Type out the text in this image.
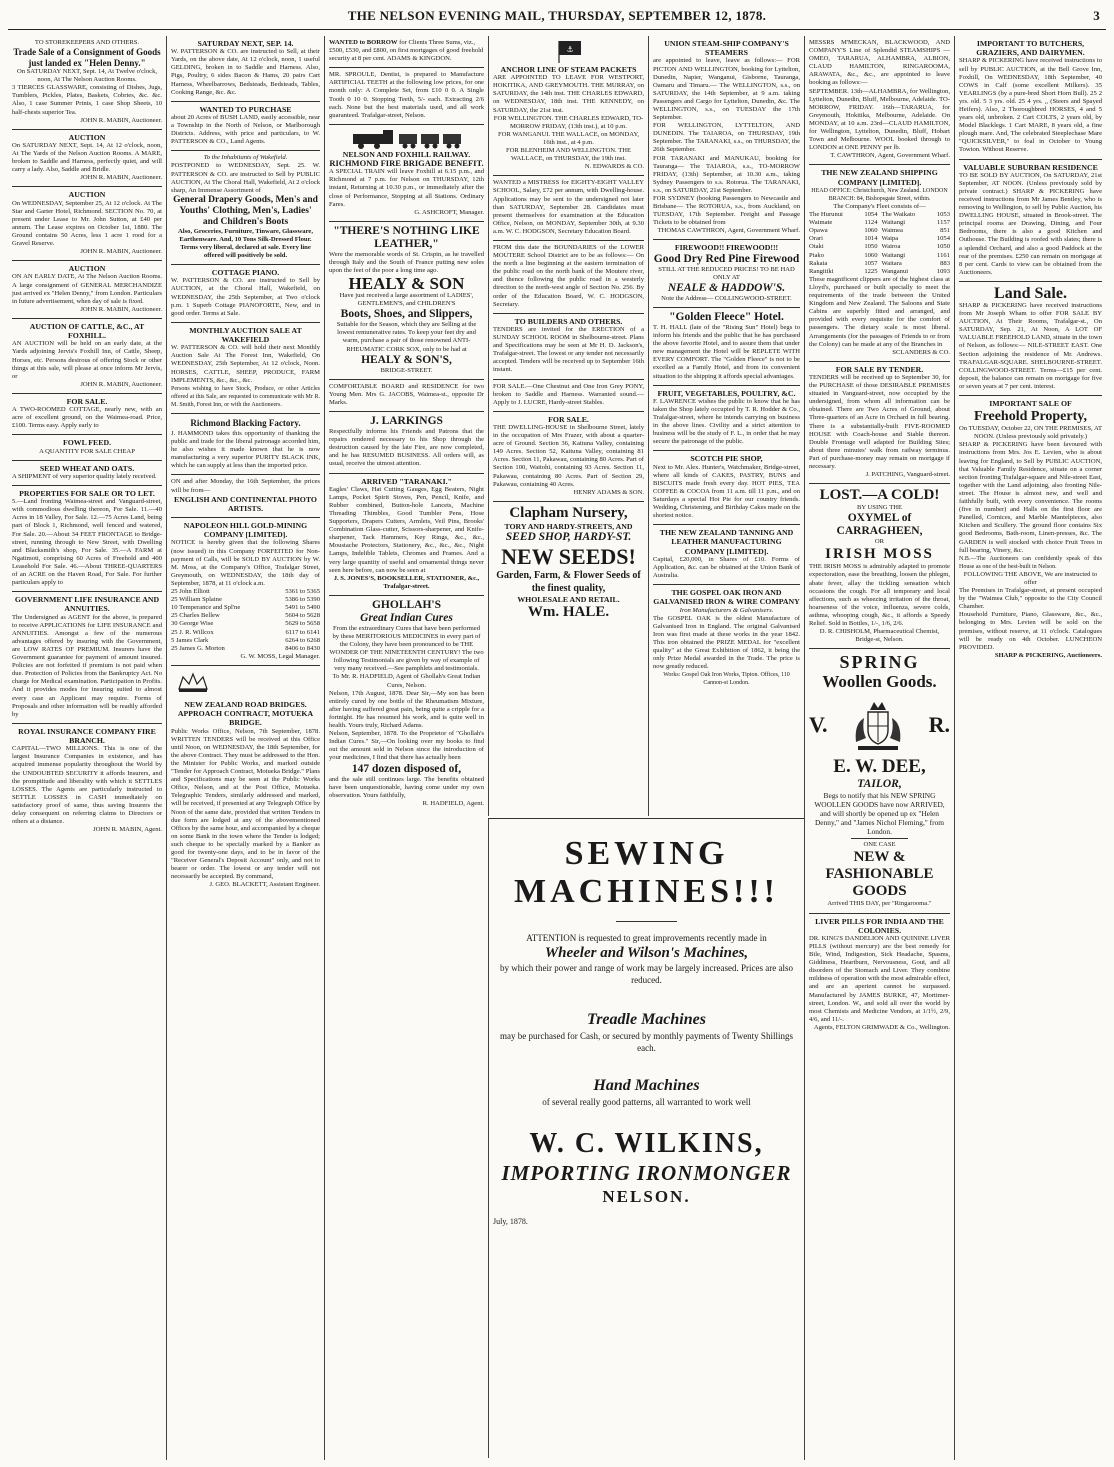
THE NELSON EVENING MAIL, THURSDAY, SEPTEMBER 12, 1878.	3
TO STOREKEEPERS AND OTHERS.
Trade Sale of a Consignment of Goods just landed ex "Helen Denny."
On SATURDAY NEXT, Sept. 14, At Twelve o'clock, noon, At The Nelson Auction Rooms.
3 TIERCES GLASSWARE, consisting of Dishes, Jugs, Tumblers, Pickles, Plates, Baskets, Cobries, &c. &c. Also, 1 case Summer Prints, 1 case Shop Sheets, 10 half-chests superior Tea.
JOHN R. MABIN, Auctioneer.
AUCTION
On SATURDAY NEXT, Sept. 14, At 12 o'clock, noon, At The Yards of the Nelson Auction Rooms. A MARE, broken to Saddle and Harness, perfectly quiet, and will carry a lady. Also, Saddle and Bridle.
JOHN R. MABIN, Auctioneer.
AUCTION
On WEDNESDAY, September 25, At 12 o'clock. At The Star and Garter Hotel, Richmond. SECTION No. 70, at present under Lease to Mr. John Sutton, at £40 per annum. The Lease expires on October 1st, 1880. The Ground contains 50 Acres, less 1 acre 1 rood for a Gravel Reserve.
JOHN R. MABIN, Auctioneer.
AUCTION
ON AN EARLY DATE, At The Nelson Auction Rooms. A large consignment of GENERAL MERCHANDIZE just arrived ex "Helen Denny," from London. Particulars in future advertisement, when day of sale is fixed.
JOHN R. MABIN, Auctioneer.
AUCTION OF CATTLE, &C., AT FOXHILL.
AN AUCTION will be held on an early date, at the Yards adjoining Jervis's Foxhill Inn, of Cattle, Sheep, Horses, etc. Persons desirous of offering Stock or other things at this sale, will please at once inform Mr Jervis, or
JOHN R. MABIN, Auctioneer.
FOR SALE.
A TWO-ROOMED COTTAGE, nearly new, with an acre of excellent ground, on the Waimea-road. Price, £100. Terms easy. Apply early to
FOWL FEED.
A QUANTITY FOR SALE CHEAP
SEED WHEAT AND OATS.
A SHIPMENT of very superior quality lately received.
PROPERTIES FOR SALE OR TO LET.
5.—Land fronting Waimea-street and Vanguard-street, with commodious dwelling thereon, For Sale. 11.—40 Acres in 18 Valley, For Sale. 12.—75 Acres Land, being part of Block 1, Richmond, well fenced and watered, For Sale. 20.—About 34 FEET FRONTAGE to Bridge-street, running through to New Street, with Dwelling and Blacksmith's shop, For Sale. 35.—A FARM at Ngatimoti, comprising 60 Acres of Freehold and 400 Leasehold For Sale. 46.—About THREE-QUARTERS of an ACRE on the Haven Road, For Sale. For further particulars apply to
GOVERNMENT LIFE INSURANCE AND ANNUITIES.
The Undersigned as AGENT for the above, is prepared to receive APPLICATIONS for LIFE INSURANCE and ANNUITIES. Amongst a few of the numerous advantages offered by insuring with the Government, are LOW RATES OF PREMIUM. Insurers have the Government guarantee for payment of amount insured. Policies are not forfeited if premium is not paid when due. Protection of Policies from the Bankruptcy Act. No charge for Medical examination. Participation in Profits. And it provides modes for insuring suited to almost every case an Applicant may require. Forms of Proposals and other information will be readily afforded by
ROYAL INSURANCE COMPANY FIRE BRANCH.
CAPITAL—TWO MILLIONS. This is one of the largest Insurance Companies in existence, and has acquired immense popularity throughout the World by the UNDOUBTED SECURITY it affords Insurers, and the promptitude and liberality with which it SETTLES LOSSES. The Agents are particularly instructed to SETTLE LOSSES in CASH immediately on satisfactory proof of same, thus saving Insurers the delay consequent on referring claims to Directors or others at a distance.
JOHN R. MABIN, Agent.
SATURDAY NEXT, SEP. 14.
W. PATTERSON & CO. are instructed to Sell, at their Yards, on the above date, At 12 o'clock, noon, 1 useful GELDING, broken in to Saddle and Harness. Also, Pigs, Poultry, 6 sides Bacon & Hams, 20 pairs Cart Harness, Wheelbarrows, Bedsteads, Bedsteads, Tables, Cooking Range, &c. &c.
WANTED TO PURCHASE
about 20 Acres of BUSH LAND, easily accessible, near a Township in the North of Nelson, or Marlborough Districts. Address, with price and particulars, to W. PATTERSON & CO., Land Agents.
To the Inhabitants of Wakefield.
POSTPONED to WEDNESDAY, Sept. 25. W. PATTERSON & CO. are instructed to Sell by PUBLIC AUCTION, At The Choral Hall, Wakefield, At 2 o'clock sharp, An Immense Assortment of
General Drapery Goods, Men's and Youths' Clothing, Men's, Ladies' and Children's Boots
Also, Groceries, Furniture, Tinware, Glassware, Earthenware. And, 10 Tons Silk-Dressed Flour. Terms very liberal, declared at sale. Every line offered will positively be sold.
COTTAGE PIANO.
W. PATTERSON & CO. are instructed to Sell by AUCTION, at the Choral Hall, Wakefield, on WEDNESDAY, the 25th September, at Two o'clock p.m. 1 Superb Cottage PIANOFORTE, New, and in good order. Terms at Sale.
MONTHLY AUCTION SALE AT WAKEFIELD
W. PATTERSON & CO. will hold their next Monthly Auction Sale At The Forest Inn, Wakefield, On WEDNESDAY, 25th September, At 12 o'clock, Noon. HORSES, CATTLE, SHEEP, PRODUCE, FARM IMPLEMENTS, &c., &c., &c.
Persons wishing to have Stock, Produce, or other Articles offered at this Sale, are requested to communicate with Mr R. M. Smith, Forest Inn, or with the Auctioneers.
Richmond Blacking Factory.
J. HAMMOND takes this opportunity of thanking the public and trade for the liberal patronage accorded him, he also wishes it made known that he is now manufacturing a very superior PURITY BLACK INK, which he can supply at less than the imported price.
ON and after Monday, the 16th September, the prices will be from—
ENGLISH AND CONTINENTAL PHOTO ARTISTS.
NAPOLEON HILL GOLD-MINING COMPANY [LIMITED].
NOTICE is hereby given that the following Shares (now issued) in this Company FORFEITED for Non-payment of Calls, will be SOLD BY AUCTION by W. M. Moss, at the Company's Office, Trafalgar Street, Greymouth, on WEDNESDAY, the 18th day of September, 1878, at 11 o'clock a.m.
25 John Elliott	5361 to 5365
25 William Splaine	5386 to 5390
10 Temperance and Spl'ne	5491 to 5490
25 Charles Bellew	5604 to 5628
30 George Wise	5629 to 5658
25 J. R. Willcox	6117 to 6141
5 James Clark	6264 to 6268
25 James G. Morton	8406 to 8430
G. W. MOSS, Legal Manager.
NEW ZEALAND ROAD BRIDGES.
APPROACH CONTRACT, MOTUEKA BRIDGE.
Public Works Office, Nelson, 7th September, 1878. WRITTEN TENDERS will be received at this Office until Noon, on WEDNESDAY, the 18th September, for the above Contract. They must be addressed to the Hon. the Minister for Public Works, and marked outside "Tender for Approach Contract, Motueka Bridge." Plans and Specifications may be seen at the Public Works Office, Nelson, and at the Post Office, Motueka. Telegraphic Tenders, similarly addressed and marked, will be received, if presented at any Telegraph Office by Noon of the same date, provided that written Tenders in due form are lodged at any of the abovementioned Offices by the same hour, and accompanied by a cheque on some Bank in the town where the Tender is lodged; such cheque to be specially marked by a Banker as good for twenty-one days, and to be in favor of the "Receiver General's Deposit Account" only, and not to bearer or order. The lowest or any tender will not necessarily be accepted. By command,
J. GEO. BLACKETT, Assistant Engineer.
WANTED to BORROW for Clients Three Sums, viz., £500, £530, and £800, on first mortgages of good freehold security at 8 per cent. ADAMS & KINGDON.
MR. SPROULE, Dentist, is prepared to Manufacture ARTIFICIAL TEETH at the following low prices, for one month only: A Complete Set, from £10 0 0. A Single Tooth 0 10 0. Stopping Teeth, 5/- each. Extracting 2/6 each. None but the best materials used, and all work guaranteed. Trafalgar-street, Nelson.
NELSON AND FOXHILL RAILWAY.
RICHMOND FIRE BRIGADE BENEFIT.
A SPECIAL TRAIN will leave Foxhill at 6.15 p.m., and Richmond at 7 p.m. for Nelson on THURSDAY, 12th instant, Returning at 10.30 p.m., or immediately after the close of Performance, Stopping at all Stations. Ordinary Fares.
G. ASHCROFT, Manager.
"THERE'S NOTHING LIKE LEATHER,"
Were the memorable words of St. Crispin, as he travelled through Italy and the South of France putting new soles upon the feet of the poor a long time ago.
HEALY & SON
Have just received a large assortment of LADIES', GENTLEMEN'S, and CHILDREN'S
Boots, Shoes, and Slippers,
Suitable for the Season, which they are Selling at the lowest remunerative rates. To keep your feet dry and warm, purchase a pair of those renowned ANTI-RHEUMATIC CORK SOX, only to be had at
HEALY & SON'S,
BRIDGE-STREET.
COMFORTABLE BOARD and RESIDENCE for two Young Men. Mrs G. JACOBS, Waimea-st., opposite Dr Marks.
J. LARKINGS
Respectfully informs his Friends and Patrons that the repairs rendered necessary to his Shop through the destruction caused by the late Fire, are now completed, and he has RESUMED BUSINESS. All orders will, as usual, receive the utmost attention.
ARRIVED "TARANAKI."
Eagles' Claws, Hat Cutting Gauges, Egg Beaters, Night Lamps, Pocket Spirit Stoves, Pen, Pencil, Knife, and Rubber combined, Button-hole Lancets, Machine Threading Thimbles, Good Tumbler Pens, Hose Supporters, Drapers Cutters, Armlets, Veil Pins, Brooks' Combination Glass-cutter, Scissors-sharpener, and Knife-sharpener, Tack Hammers, Key Rings, &c., &c., Moustache Protectors, Stationery, &c., &c., &c., Night Lamps, Indelible Tablets, Chromes and Frames. And a very large quantity of useful and ornamental things never seen here before, can now be seen at
J. S. JONES'S, BOOKSELLER, STATIONER, &c., Trafalgar-street.
GHOLLAH'S
Great Indian Cures
From the extraordinary Cures that have been performed by these MERITORIOUS MEDICINES in every part of the Colony, they have been pronounced to be THE WONDER OF THE NINETEENTH CENTURY! The two following Testimonials are given by way of example of very many received.—See pamphlets and testimonials.
To Mr. R. HADFIELD, Agent of Ghollah's Great Indian Cures, Nelson.
Nelson, 17th August, 1878. Dear Sir,—My son has been entirely cured by one bottle of the Rheumatism Mixture, after having suffered great pain, being quite a cripple for a fortnight. He has resumed his work, and is quite well in health. Yours truly, Richard Adams.
Nelson, September, 1878. To the Proprietor of "Ghollah's Indian Cures." Sir,—On looking over my books to find out the amount sold in Nelson since the introduction of your medicines, I find that there has actually been
147 dozen disposed of,
and the sale still continues large. The benefits obtained have been unquestionable, having come under my own observation. Yours faithfully,
R. HADFIELD, Agent.
⚓
ANCHOR LINE OF STEAM PACKETS
ARE APPOINTED TO LEAVE FOR WESTPORT, HOKITIKA, AND GREYMOUTH. THE MURRAY, on SATURDAY, the 14th inst. THE CHARLES EDWARD, on WEDNESDAY, 18th inst. THE KENNEDY, on SATURDAY, the 21st inst.
FOR WELLINGTON. THE CHARLES EDWARD, TO-MORROW FRIDAY, (13th inst.), at 10 p.m.
FOR WANGANUI. THE WALLACE, on MONDAY, 16th inst., at 4 p.m.
FOR BLENHEIM AND WELLINGTON. THE WALLACE, on THURSDAY, the 19th inst.
N. EDWARDS & CO.
WANTED a MISTRESS for EIGHTY-EIGHT VALLEY SCHOOL, Salary, £72 per annum, with Dwelling-house. Applications may be sent to the undersigned not later than SATURDAY, September 28. Candidates must present themselves for examination at the Education Office, Nelson, on MONDAY, September 30th, at 9.30 a.m. W. C. HODGSON, Secretary Education Board.
FROM this date the BOUNDARIES of the LOWER MOUTERE School District are to be as follows:— On the north a line beginning at the eastern termination of the public road on the north bank of the Moutere river, and thence following the public road in a westerly direction to the north-west angle of Section No. 256. By order of the Education Board, W. C. HODGSON, Secretary.
TO BUILDERS AND OTHERS.
TENDERS are invited for the ERECTION of a SUNDAY SCHOOL ROOM in Shelbourne-street. Plans and Specifications may be seen at Mr H. D. Jackson's, Trafalgar-street. The lowest or any tender not necessarily accepted. Tenders will be received up to September 16th instant.
FOR SALE.—One Chestnut and One Iron Grey PONY, broken to Saddle and Harness. Warranted sound.—Apply to J. LUCRE, Hardy-street Stables.
FOR SALE.
THE DWELLING-HOUSE in Shelbourne Street, lately in the occupation of Mrs Frazer, with about a quarter-acre of Ground. Section 36, Kaituna Valley, containing 149 Acres. Section 52, Kaituna Valley, containing 81 Acres. Section 11, Pakawau, containing 80 Acres. Part of Section 100, Waitohi, containing 93 Acres. Section 11, Pakawau, containing 80 Acres. Part of Section 29, Pakawau, containing 40 Acres.
HENRY ADAMS & SON.
Clapham Nursery,
TORY AND HARDY-STREETS, AND
SEED SHOP, HARDY-ST.
NEW SEEDS!
Garden, Farm, & Flower Seeds of the finest quality,
WHOLESALE AND RETAIL.
Wm. HALE.
UNION STEAM-SHIP COMPANY'S STEAMERS
are appointed to leave, leave as follows:— FOR PICTON AND WELLINGTON, booking for Lyttelton, Dunedin, Napier, Wanganui, Gisborne, Tauranga, Oamaru and Timaru.— The WELLINGTON, s.s., on SATURDAY, the 14th September, at 9 a.m. taking Passengers and Cargo for Lyttelton, Dunedin, &c. The WELLINGTON, s.s., on TUESDAY the 17th September.
FOR WELLINGTON, LYTTELTON, AND DUNEDIN. The TAIAROA, on THURSDAY, 19th September. The TARANAKI, s.s., on THURSDAY, the 26th September.
FOR TARANAKI and MANUKAU, booking for Tauranga— The TAIAROA, s.s., TO-MORROW FRIDAY, (13th) September, at 10.30 a.m., taking Sydney Passengers to s.s. Rotorua. The TARANAKI, s.s., on SATURDAY, 21st September.
FOR SYDNEY (booking Passengers to Newcastle and Brisbane— The ROTORUA, s.s., from Auckland, on TUESDAY, 17th September. Freight and Passage Tickets to be obtained from
THOMAS CAWTHRON, Agent, Government Wharf.
FIREWOOD!! FIREWOOD!!!
Good Dry Red Pine Firewood
STILL AT THE REDUCED PRICES! TO BE HAD ONLY AT
NEALE & HADDOW'S.
Note the Address— COLLINGWOOD-STREET.
"Golden Fleece" Hotel.
T. H. HALL (late of the "Rising Sun" Hotel) begs to inform his friends and the public that he has purchased the above favorite Hotel, and to assure them that under new management the Hotel will be REPLETE WITH EVERY COMFORT. The "Golden Fleece" is not to be excelled as a Family Hotel, and from its convenient situation to the shipping it affords special advantages.
FRUIT, VEGETABLES, POULTRY, &C.
F. LAWRENCE wishes the public to know that he has taken the Shop lately occupied by T. R. Hodder & Co., Trafalgar-street, where he intends carrying on business in the above lines. Civility and a strict attention to business will be the study of F. L., in order that he may secure the patronage of the public.
SCOTCH PIE SHOP,
Next to Mr. Alex. Hunter's, Watchmaker, Bridge-street, where all kinds of CAKES, PASTRY, BUNS and BISCUITS made fresh every day. HOT PIES, TEA COFFEE & COCOA from 11 a.m. till 11 p.m., and on Saturdays a special Hot Pie for our country friends. Wedding, Christening, and Birthday Cakes made on the shortest notice.
THE NEW ZEALAND TANNING AND LEATHER MANUFACTURING COMPANY [LIMITED].
Capital, £20,000, in Shares of £10. Forms of Application, &c. can be obtained at the Union Bank of Australia.
THE GOSPEL OAK IRON AND GALVANISED IRON & WIRE COMPANY
Iron Manufacturers & Galvanisers.
The GOSPEL OAK is the oldest Manufacture of Galvanised Iron in England. The original Galvanised Iron was first made at these works in the year 1842. This iron obtained the PRIZE MEDAL for "excellent quality" at the Great Exhibition of 1862, it being the only Prize Medal awarded in the Trade. The price is now greatly reduced.
Works: Gospel Oak Iron Works, Tipton. Offices, 110 Cannon-st London.
MESSRS M'MECKAN, BLACKWOOD, AND COMPANY'S Line of Splendid STEAMSHIPS — OMEO, TARARUA, ALHAMBRA, ALBION, CLAUD HAMILTON, RINGAROOMA, ARAWATA, &c., &c., are appointed to leave booking as follows:—
SEPTEMBER. 13th—ALHAMBRA, for Wellington, Lyttelton, Dunedin, Bluff, Melbourne, Adelaide. TO-MORROW, FRIDAY. 16th—TARARUA, for Greymouth, Hokitika, Melbourne, Adelaide. On MONDAY, at 10 a.m. 23rd—CLAUD HAMILTON, for Wellington, Lyttelton, Dunedin, Bluff, Hobart Town and Melbourne. WOOL booked through to LONDON at ONE PENNY per lb.
T. CAWTHRON, Agent, Government Wharf.
THE NEW ZEALAND SHIPPING COMPANY [LIMITED].
HEAD OFFICE: Christchurch, New Zealand. LONDON BRANCH: 84, Bishopsgate Street, within.
The Company's Fleet consists of—
The Hurunui	1054
Waimate	1124
Opawa	1060
Orari	1014
Otaki	1050
Piako	1060
Rakaia	1057
Rangitiki	1225
The Waikato	1053
Waitangi	1157
Waimea	851
Waipa	1054
Wairoa	1050
Waitangi	1161
Waitara	883
Wanganui	1093
These magnificent clippers are of the highest class at Lloyd's, purchased or built specially to meet the requirements of the trade between the United Kingdom and New Zealand. The Saloons and State Cabins are superbly fitted and arranged, and provided with every requisite for the comfort of passengers. The dietary scale is most liberal. Arrangements (for the passages of Friends to or from the Colony) can be made at any of the Branches in
SCLANDERS & CO.
FOR SALE BY TENDER.
TENDERS will be received up to September 30, for the PURCHASE of those DESIRABLE PREMISES situated in Vanguard-street, now occupied by the undersigned, from whom all information can be obtained. There are Two Acres of Ground, about Three-quarters of an Acre in Orchard in full bearing. There is a substantially-built FIVE-ROOMED HOUSE with Coach-house and Stable thereon. Double Frontage well adapted for Building Sites; about three minutes' walk from railway terminus. Part of purchase-money may remain on mortgage if necessary.
J. PATCHING, Vanguard-street.
LOST.—A COLD!
BY USING THE
OXYMEL of CARRAGHEEN,
OR
IRISH MOSS
THE IRISH MOSS is admirably adapted to promote expectoration, ease the breathing, loosen the phlegm, abate fever, allay the tickling sensation which occasions the cough. For all temporary and local affections, such as wheezing irritation of the throat, hoarseness of the voice, influenza, severe colds, asthma, whooping cough, &c., it affords a Speedy Relief. Sold in Bottles, 1/-, 1/6, 2/6.
D. R. CHISHOLM, Pharmaceutical Chemist, Bridge-st, Nelson.
SPRING
Woollen Goods.
V.	R.
E. W. DEE,
TAILOR,
Begs to notify that his NEW SPRING WOOLLEN GOODS have now ARRIVED, and will shortly be opened up ex "Helen Denny," and "James Nichol Fleming," from London.
ONE CASE
NEW & FASHIONABLE GOODS
Arrived THIS DAY, per "Ringarooma."
LIVER PILLS FOR INDIA AND THE COLONIES.
DR. KING'S DANDELION AND QUININE LIVER PILLS (without mercury) are the best remedy for Bile, Wind, Indigestion, Sick Headache, Spasms, Giddiness, Heartburn, Nervousness, Gout, and all disorders of the Stomach and Liver. They combine mildness of operation with the most admirable effect, and are an aperient cannot be surpassed. Manufactured by JAMES BURKE, 47, Mortimer-street, London. W., and sold all over the world by most Chemists and Medicine Vendors, at 1/1½, 2/9, 4/6, and 11/-.
Agents, FELTON GRIMWADE & Co., Wellington.
IMPORTANT TO BUTCHERS, GRAZIERS, AND DAIRYMEN.
SHARP & PICKERING have received instructions to sell by PUBLIC AUCTION, at the Bell Grove Inn, Foxhill, On WEDNESDAY, 18th September, 40 COWS in Calf (some excellent Milkers). 35 YEARLINGS (by a pure-bred Short Horn Bull). 25 2 yrs. old. 5 3 yrs. old. 25 4 yrs. ,, (Steers and Spayed Heifers). Also, 2 Thoroughbred HORSES, 4 and 5 years old, unbroken. 2 Cart COLTS, 2 years old, by Model Blacklegs. 1 Cart MARE, 8 years old, a fine plough mare. And, The celebrated Steeplechase Mare "QUICKSILVER," to foal in October to Young Towton. Without Reserve.
VALUABLE SUBURBAN RESIDENCE
TO BE SOLD BY AUCTION, On SATURDAY, 21st September, AT NOON. (Unless previously sold by private contract.) SHARP & PICKERING have received instructions from Mr James Bentley, who is removing to Wellington, to sell by Public Auction, his DWELLING HOUSE, situated in Brook-street. The principal rooms are Drawing, Dining, and Four Bedrooms, there is also a good Kitchen and Outhouse. The Building is roofed with slates; there is a splendid Orchard, and also a good Paddock at the rear of the premises. £250 can remain on mortgage at 8 per cent. Cards to view can be obtained from the Auctioneers.
Land Sale.
SHARP & PICKERING have received instructions from Mr Joseph Wham to offer FOR SALE BY AUCTION, At Their Rooms, Trafalgar-st., On SATURDAY, Sep. 21, At Noon, A LOT OF VALUABLE FREEHOLD LAND, situate in the town of Nelson, as follows:— NILE-STREET EAST. One Section adjoining the residence of Mr. Andrews. TRAFALGAR-SQUARE. SHELBOURNE-STREET. COLLINGWOOD-STREET. Terms—£15 per cent. deposit, the balance can remain on mortgage for five or seven years at 7 per cent. interest.
IMPORTANT SALE OF
Freehold Property,
On TUESDAY, October 22, ON THE PREMISES, AT NOON. (Unless previously sold privately.)
SHARP & PICKERING have been favoured with instructions from Mrs. Jos E. Levien, who is about leaving for England, to Sell by PUBLIC AUCTION, that Valuable Family Residence, situate on a corner section fronting Trafalgar-square and Nile-street East, together with the Land adjoining, also fronting Nile-street. The House is almost new, and well and faithfully built, with every convenience. The rooms (five in number) and Halls on the first floor are Panelled, Cornices, and Marble Mantelpieces, also Kitchen and Scullery. The ground floor contains Six good Bedrooms, Bath-room, Linen-presses, &c. The GARDEN is well stocked with choice Fruit Trees in full bearing, Vinery, &c.
N.B.—The Auctioneers can confidently speak of this House as one of the best-built in Nelson.
FOLLOWING THE ABOVE, We are instructed to offer
The Premises in Trafalgar-street, at present occupied by the "Waimea Club," opposite to the City Council Chamber.
Household Furniture, Piano, Glassware, &c., &c., belonging to Mrs. Levien will be sold on the premises, without reserve, at 11 o'clock. Catalogues will be ready on 4th October. LUNCHEON PROVIDED.
SHARP & PICKERING, Auctioneers.
SEWING
MACHINES!!!
ATTENTION is requested to great improvements recently made in
Wheeler and Wilson's Machines,
by which their power and range of work may be largely increased. Prices are also reduced.
Treadle Machines
may be purchased for Cash, or secured by monthly payments of Twenty Shillings each.
Hand Machines
of several really good patterns, all warranted to work well
W. C. WILKINS,
IMPORTING IRONMONGER
NELSON.
July, 1878.
